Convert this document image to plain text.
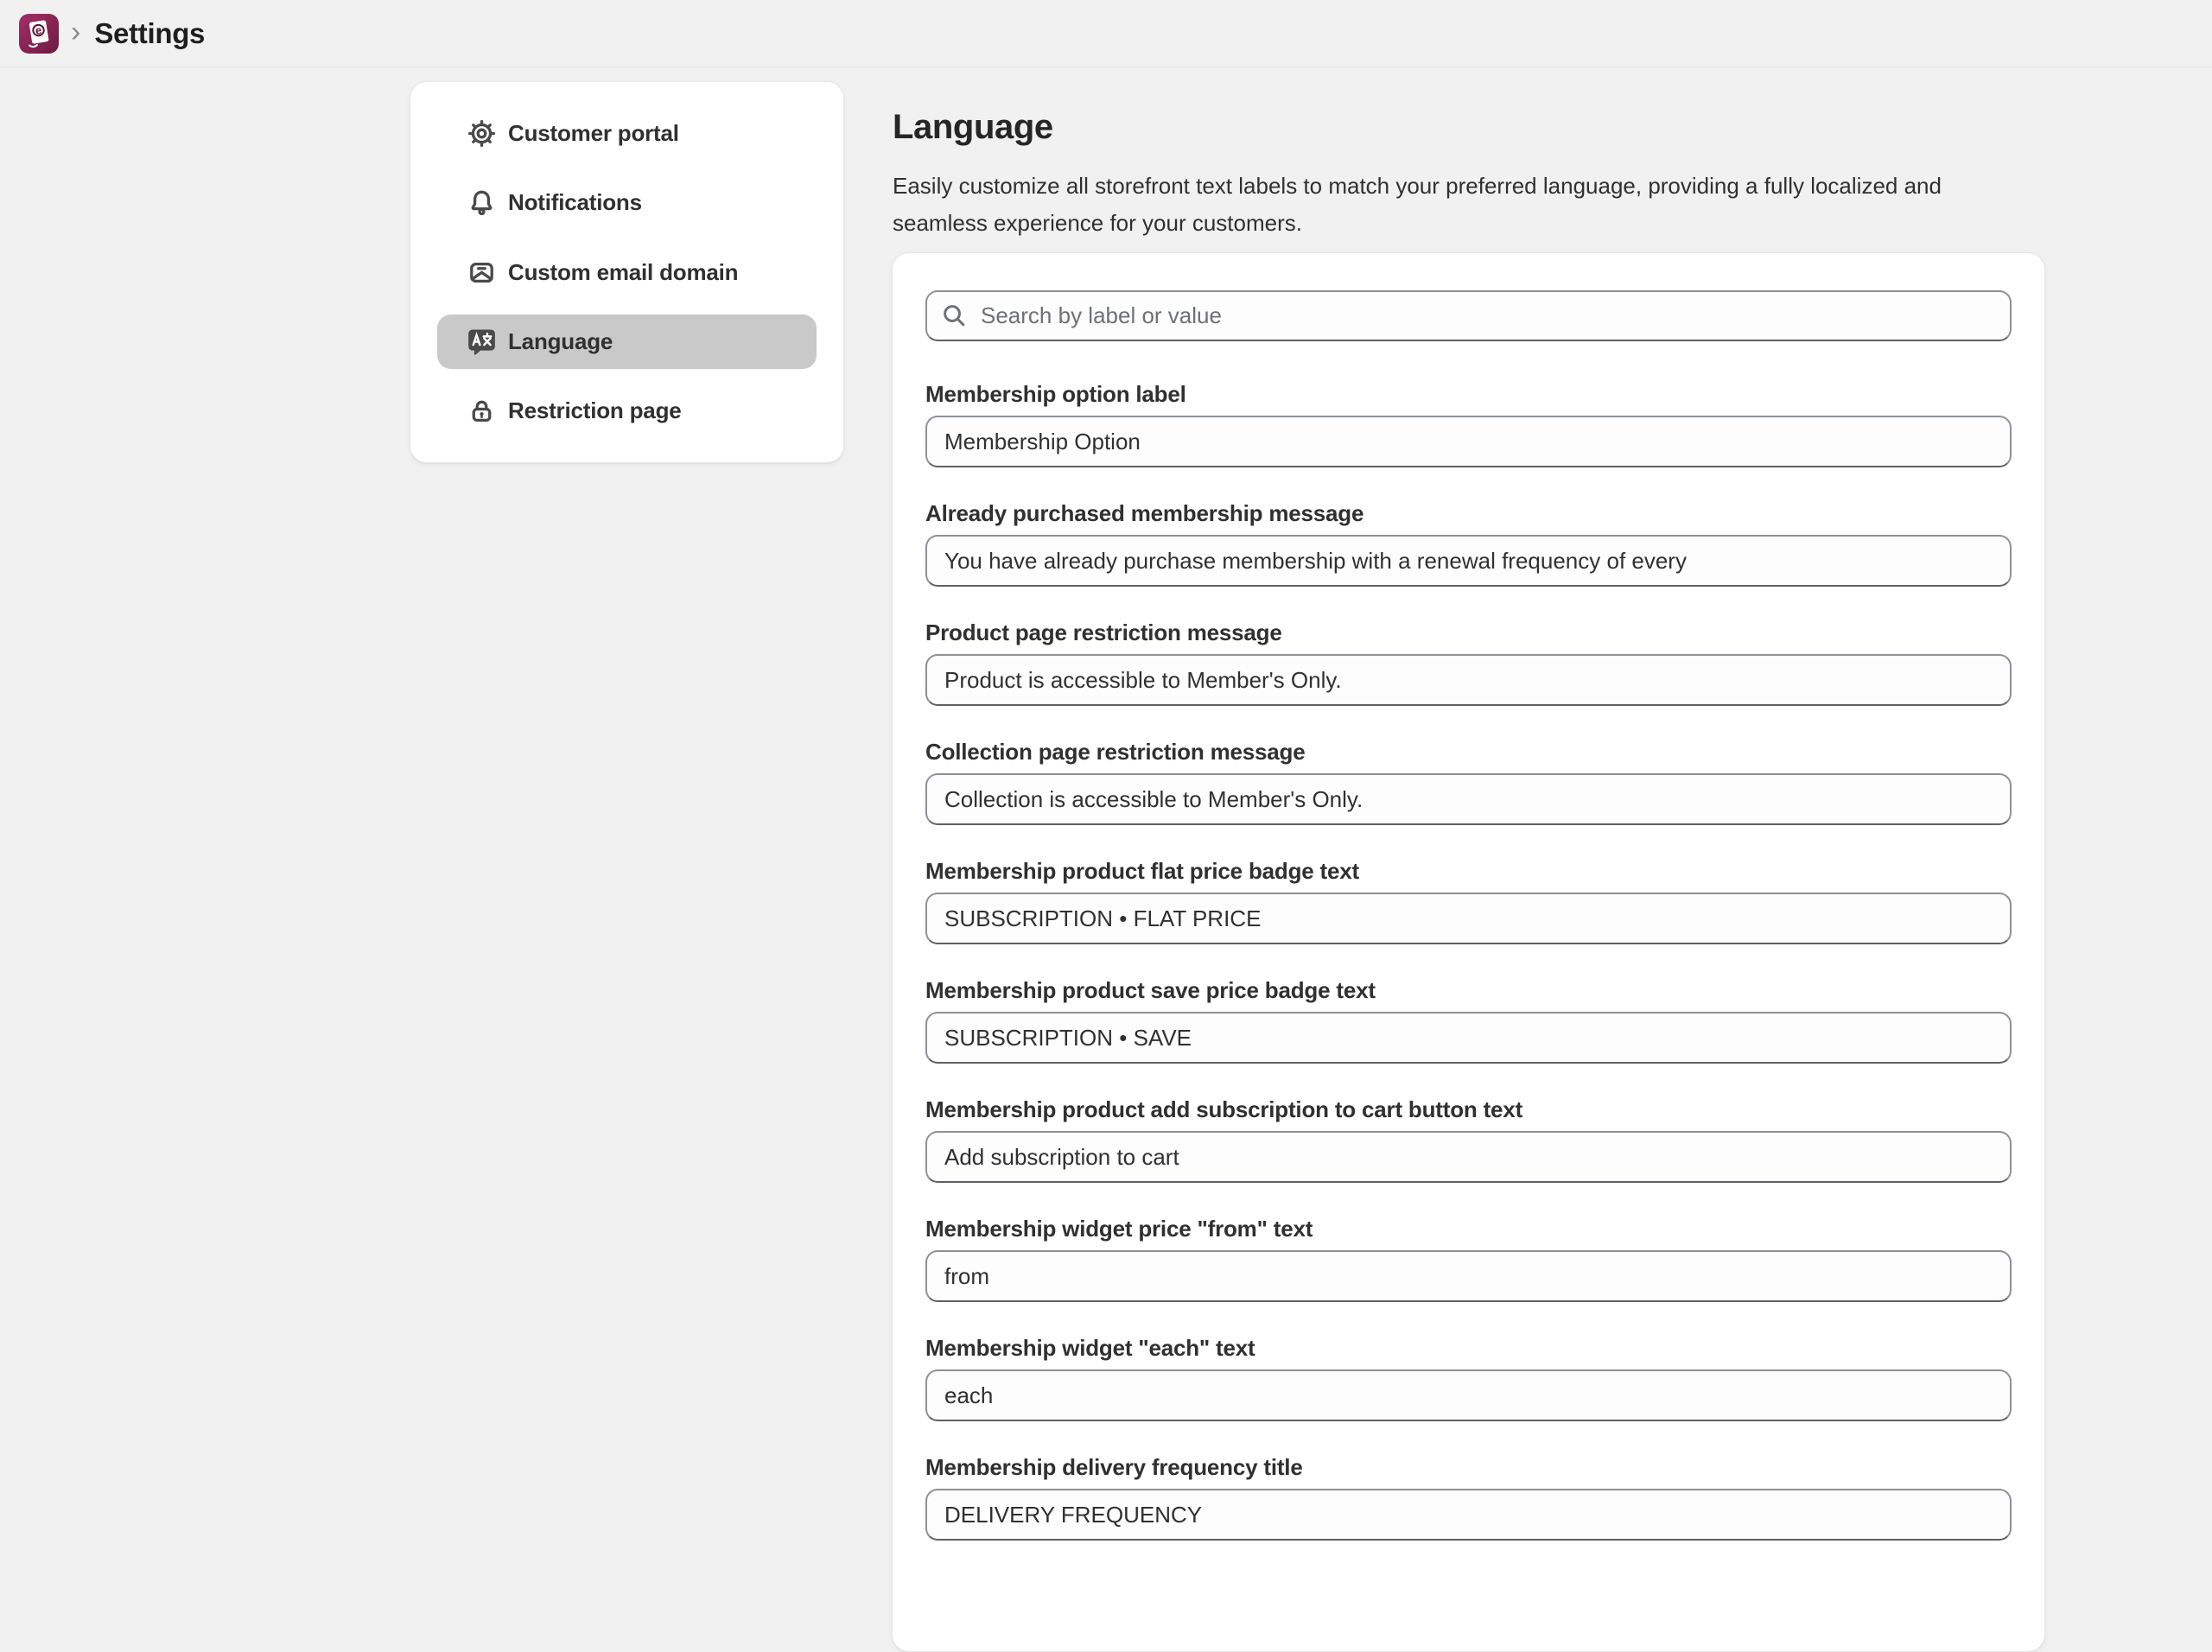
e › Settings
Customer portal
Notifications
Custom email domain
Language
Restriction page
Language

Easily customize all storefront text labels to match your preferred language, providing a fully localized and seamless experience for your customers.

Search by label or value
Membership option label
Membership Option
Already purchased membership message
You have already purchase membership with a renewal frequency of every
Product page restriction message
Product is accessible to Member's Only.
Collection page restriction message
Collection is accessible to Member's Only.
Membership product flat price badge text
SUBSCRIPTION • FLAT PRICE
Membership product save price badge text
SUBSCRIPTION • SAVE
Membership product add subscription to cart button text
Add subscription to cart
Membership widget price "from" text
from
Membership widget "each" text
each
Membership delivery frequency title
DELIVERY FREQUENCY
